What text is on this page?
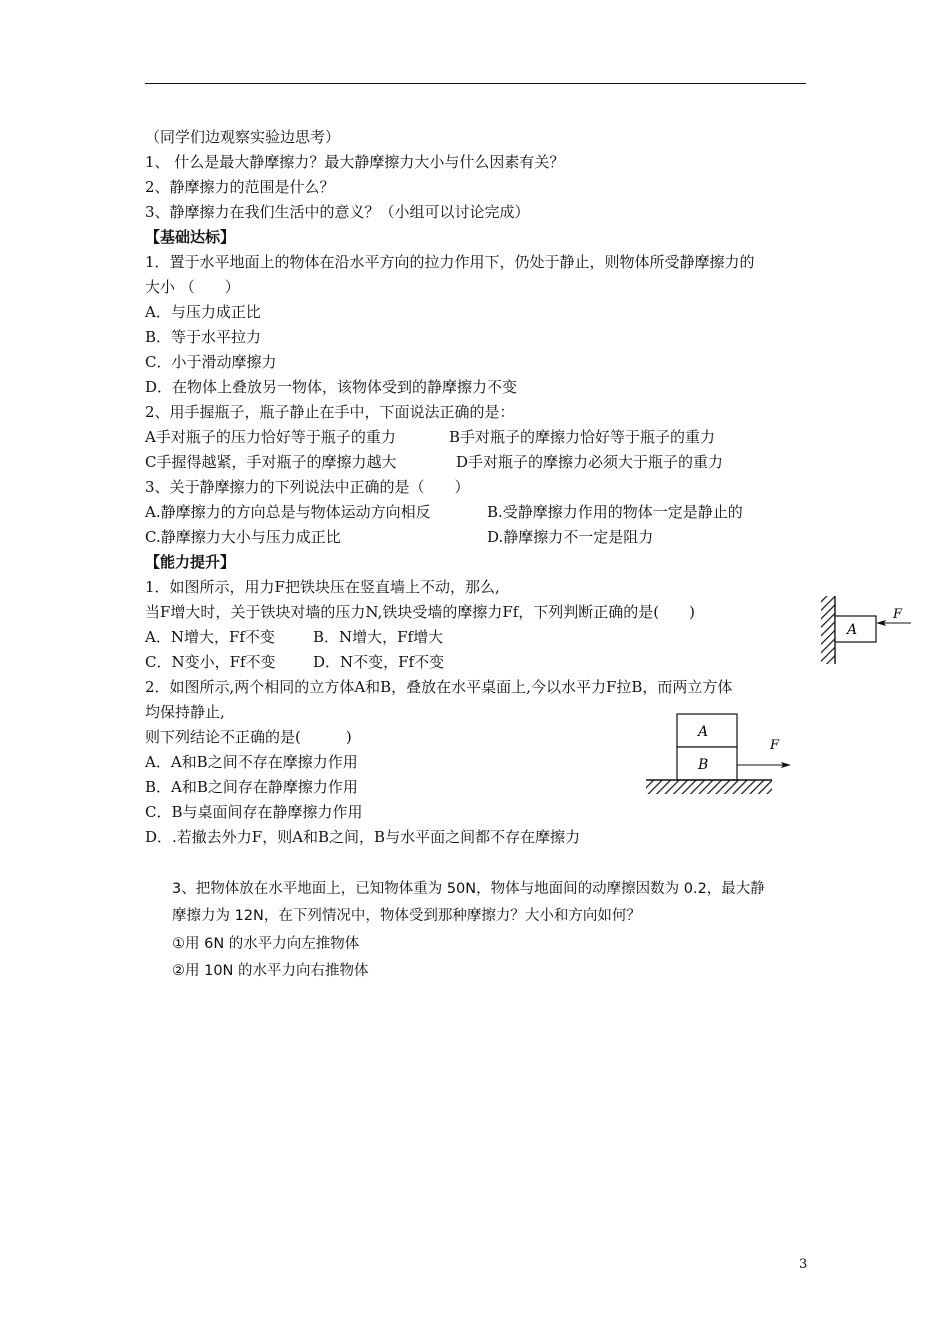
（同学们边观察实验边思考）
1、 什么是最大静摩擦力？最大静摩擦力大小与什么因素有关？
2、静摩擦力的范围是什么？
3、静摩擦力在我们生活中的意义？（小组可以讨论完成）
【基础达标】
1．置于水平地面上的物体在沿水平方向的拉力作用下，仍处于静止，则物体所受静摩擦力的
大小 （　　）
A．与压力成正比
B．等于水平拉力
C．小于滑动摩擦力
D．在物体上叠放另一物体，该物体受到的静摩擦力不变
2、用手握瓶子，瓶子静止在手中，下面说法正确的是：
A手对瓶子的压力恰好等于瓶子的重力	B手对瓶子的摩擦力恰好等于瓶子的重力
C手握得越紧，手对瓶子的摩擦力越大	D手对瓶子的摩擦力必须大于瓶子的重力
3、关于静摩擦力的下列说法中正确的是（　　）
A.静摩擦力的方向总是与物体运动方向相反	B.受静摩擦力作用的物体一定是静止的
C.静摩擦力大小与压力成正比	D.静摩擦力不一定是阻力
【能力提升】
1．如图所示，用力F把铁块压在竖直墙上不动，那么,
当F增大时，关于铁块对墙的压力N,铁块受墙的摩擦力Ff，下列判断正确的是(　　)
A．N增大，Ff不变	B．N增大，Ff增大
C．N变小，Ff不变 D．N不变，Ff不变
2．如图所示,两个相同的立方体A和B，叠放在水平桌面上,今以水平力F拉B，而两立方体
均保持静止,
则下列结论不正确的是(　　　)
A．A和B之间不存在摩擦力作用
B．A和B之间存在静摩擦力作用
C．B与桌面间存在静摩擦力作用
D．.若撤去外力F，则A和B之间，B与水平面之间都不存在摩擦力
3、把物体放在水平地面上，已知物体重为 50N，物体与地面间的动摩擦因数为 0.2，最大静
摩擦力为 12N，在下列情况中，物体受到那种摩擦力？大小和方向如何？
①用 6N 的水平力向左推物体
②用 10N 的水平力向右推物体
A
F
A
B
F
3
